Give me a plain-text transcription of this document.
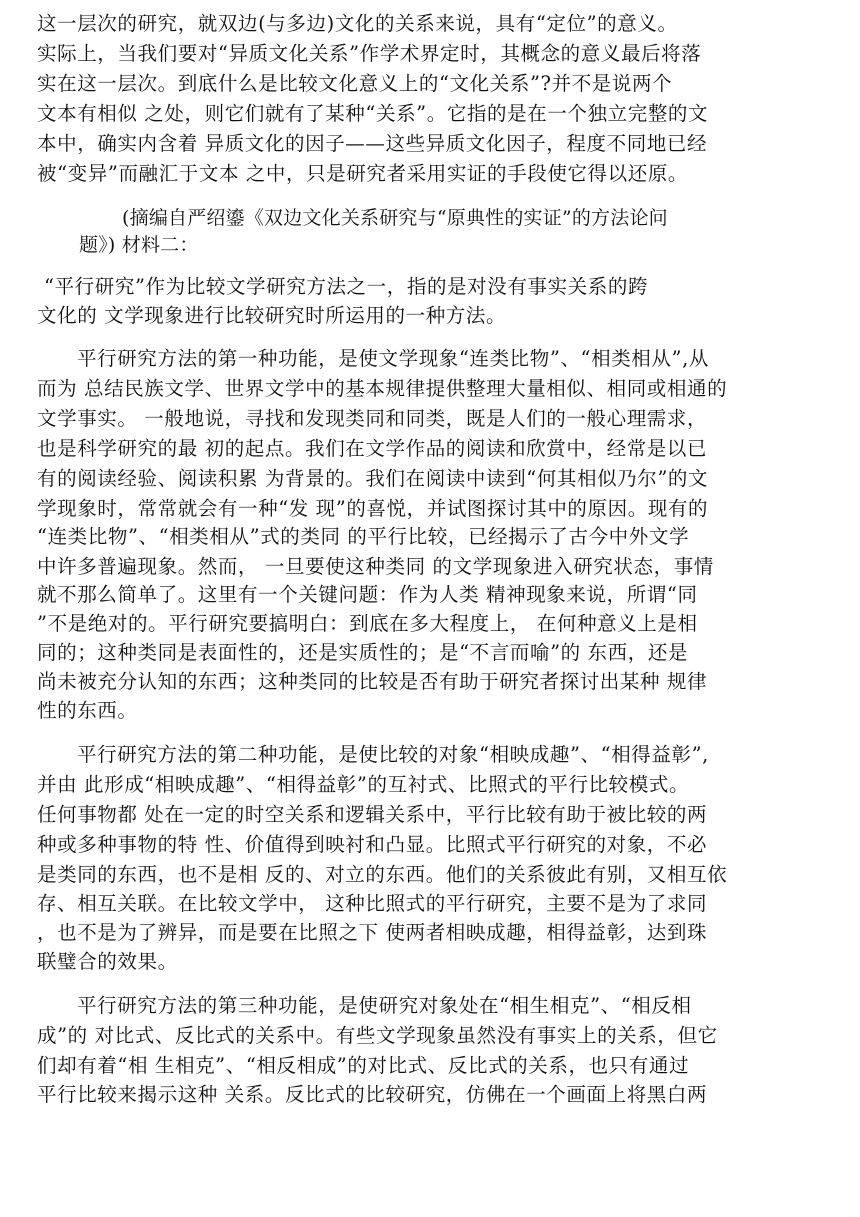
这一层次的研究，就双边(与多边)文化的关系来说，具有“定位”的意义。
实际上，当我们要对“异质文化关系”作学术界定时，其概念的意义最后将落
实在这一层次。到底什么是比较文化意义上的“文化关系”?并不是说两个
文本有相似 之处，则它们就有了某种“关系”。它指的是在一个独立完整的文
本中，确实内含着 异质文化的因子——这些异质文化因子，程度不同地已经
被“变异”而融汇于文本 之中，只是研究者采用实证的手段使它得以还原。
(摘编自严绍鎏《双边文化关系研究与“原典性的实证”的方法论问
题》) 材料二：
“平行研究”作为比较文学研究方法之一，指的是对没有事实关系的跨
文化的 文学现象进行比较研究时所运用的一种方法。
平行研究方法的第一种功能，是使文学现象“连类比物”、“相类相从”,从
而为 总结民族文学、世界文学中的基本规律提供整理大量相似、相同或相通的
文学事实。 一般地说，寻找和发现类同和同类，既是人们的一般心理需求，
也是科学研究的最 初的起点。我们在文学作品的阅读和欣赏中，经常是以已
有的阅读经验、阅读积累 为背景的。我们在阅读中读到“何其相似乃尔”的文
学现象时，常常就会有一种“发 现”的喜悦，并试图探讨其中的原因。现有的
“连类比物”、“相类相从”式的类同 的平行比较，已经揭示了古今中外文学
中许多普遍现象。然而， 一旦要使这种类同 的文学现象进入研究状态，事情
就不那么简单了。这里有一个关键问题：作为人类 精神现象来说，所谓“同
”不是绝对的。平行研究要搞明白：到底在多大程度上， 在何种意义上是相
同的；这种类同是表面性的，还是实质性的；是“不言而喻”的 东西，还是
尚未被充分认知的东西；这种类同的比较是否有助于研究者探讨出某种 规律
性的东西。
平行研究方法的第二种功能，是使比较的对象“相映成趣”、“相得益彰”,
并由 此形成“相映成趣”、“相得益彰”的互衬式、比照式的平行比较模式。
任何事物都 处在一定的时空关系和逻辑关系中，平行比较有助于被比较的两
种或多种事物的特 性、价值得到映衬和凸显。比照式平行研究的对象，不必
是类同的东西，也不是相 反的、对立的东西。他们的关系彼此有别，又相互依
存、相互关联。在比较文学中， 这种比照式的平行研究，主要不是为了求同
，也不是为了辨异，而是要在比照之下 使两者相映成趣，相得益彰，达到珠
联璧合的效果。
平行研究方法的第三种功能，是使研究对象处在“相生相克”、“相反相
成”的 对比式、反比式的关系中。有些文学现象虽然没有事实上的关系，但它
们却有着“相 生相克”、“相反相成”的对比式、反比式的关系，也只有通过
平行比较来揭示这种 关系。反比式的比较研究，仿佛在一个画面上将黑白两
